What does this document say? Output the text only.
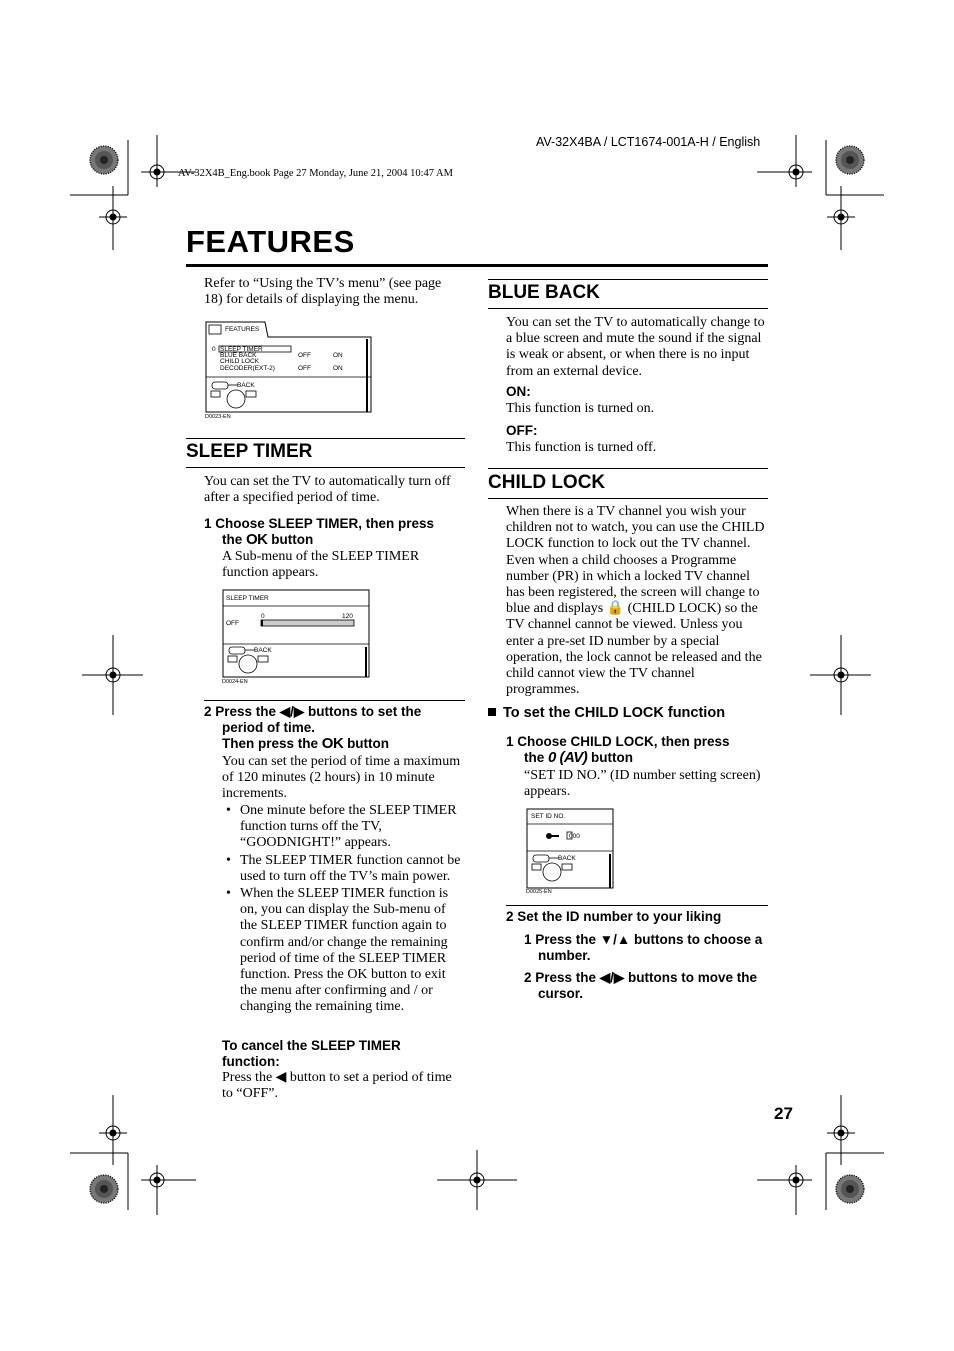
AV-32X4BA / LCT1674-001A-H / English
AV-32X4B_Eng.book Page 27 Monday, June 21, 2004 10:47 AM
FEATURES
Refer to “Using the TV’s menu” (see page 18) for details of displaying the menu.
FEATURES
0 SLEEP TIMER
BLUE BACK	OFF	ON
CHILD LOCK
DECODER(EXT-2)	OFF	ON
BACK
D0023-EN
SLEEP TIMER
You can set the TV to automatically turn off after a specified period of time.
1 Choose SLEEP TIMER, then press
the OK button
A Sub-menu of the SLEEP TIMER function appears.
SLEEP TIMER
0	120
OFF
BACK
D0024-EN
2 Press the ◀/▶ buttons to set the
period of time.
Then press the OK button
You can set the period of time a maximum of 120 minutes (2 hours) in 10 minute increments.
• One minute before the SLEEP TIMER function turns off the TV, “GOODNIGHT!” appears.
• The SLEEP TIMER function cannot be used to turn off the TV’s main power.
• When the SLEEP TIMER function is on, you can display the Sub-menu of the SLEEP TIMER function again to confirm and/or change the remaining period of time of the SLEEP TIMER function. Press the OK button to exit the menu after confirming and / or changing the remaining time.
To cancel the SLEEP TIMER function:
Press the ◀ button to set a period of time to “OFF”.
BLUE BACK
You can set the TV to automatically change to a blue screen and mute the sound if the signal is weak or absent, or when there is no input from an external device.
ON:
This function is turned on.
OFF:
This function is turned off.
CHILD LOCK
When there is a TV channel you wish your children not to watch, you can use the CHILD LOCK function to lock out the TV channel. Even when a child chooses a Programme number (PR) in which a locked TV channel has been registered, the screen will change to blue and displays 🔒 (CHILD LOCK) so the TV channel cannot be viewed. Unless you enter a pre-set ID number by a special operation, the lock cannot be released and the child cannot view the TV channel programmes.
To set the CHILD LOCK function
1 Choose CHILD LOCK, then press
the 0 (AV) button
“SET ID NO.” (ID number setting screen) appears.
SET ID NO.
000
BACK
D0025-EN
2 Set the ID number to your liking
1 Press the ▼/▲ buttons to choose a number.
2 Press the ◀/▶ buttons to move the cursor.
27
